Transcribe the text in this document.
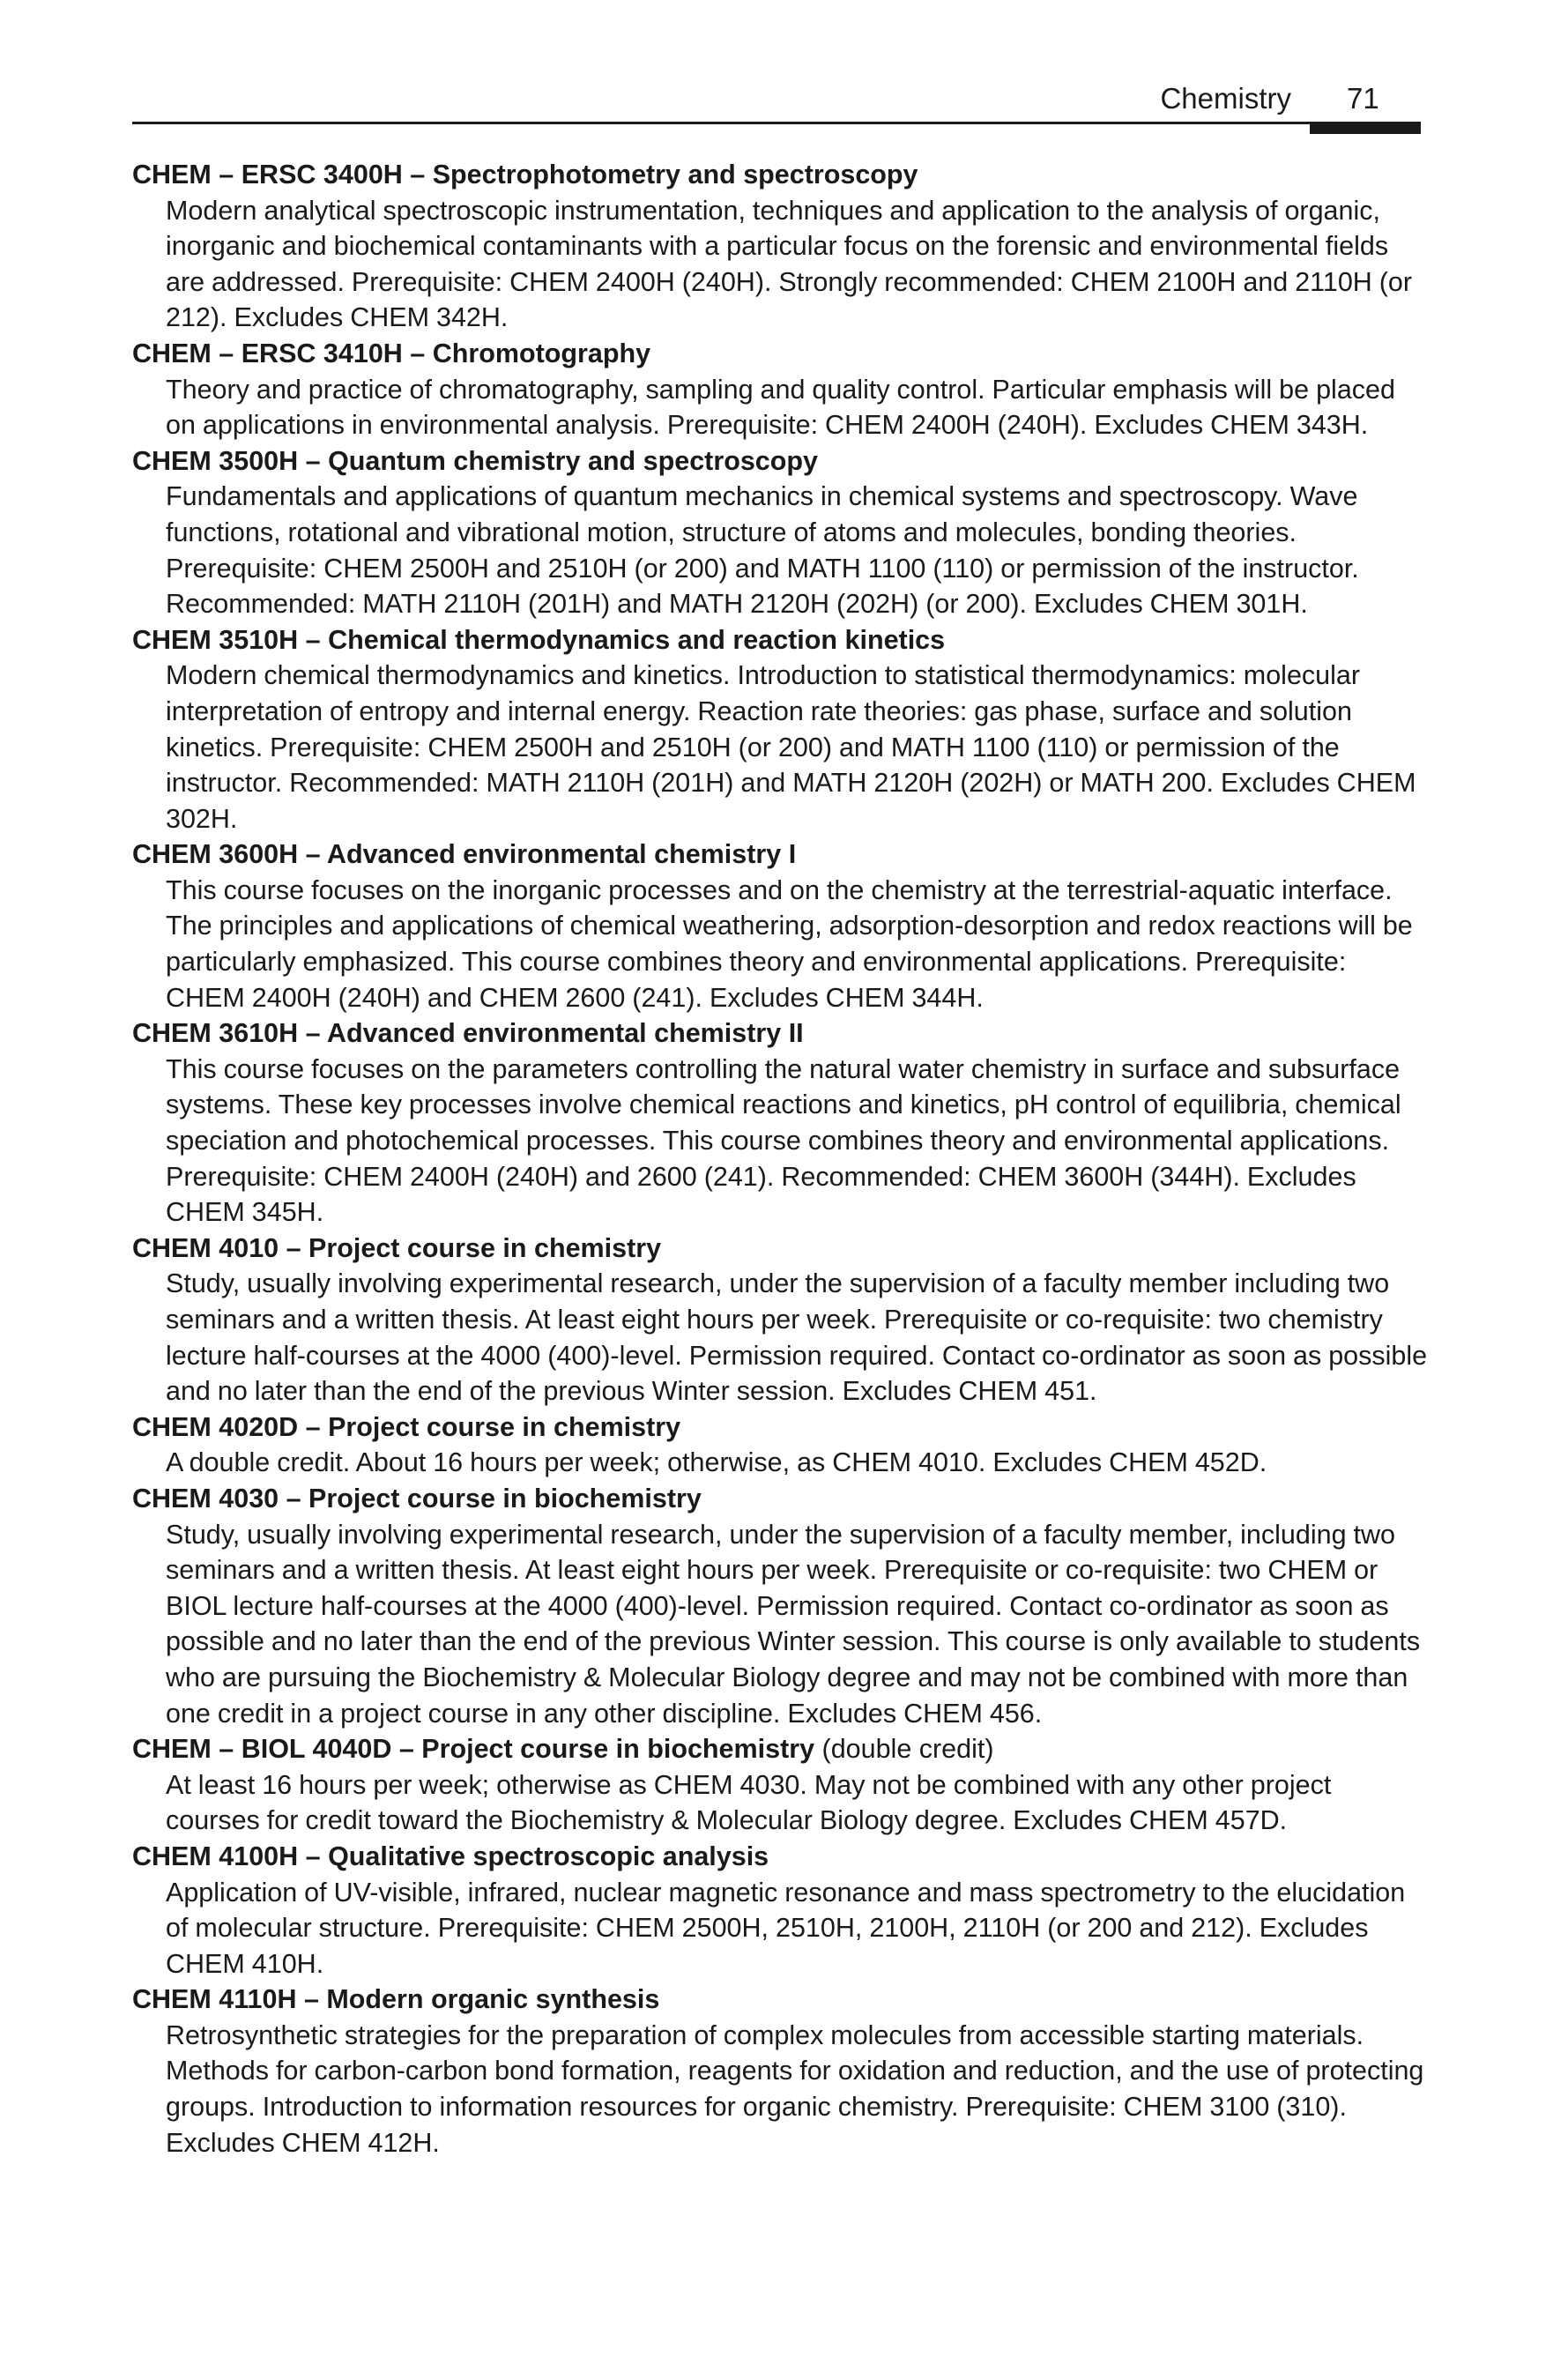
Chemistry 71
CHEM – ERSC 3400H – Spectrophotometry and spectroscopy
Modern analytical spectroscopic instrumentation, techniques and application to the analysis of organic, inorganic and biochemical contaminants with a particular focus on the forensic and environmental fields are addressed. Prerequisite: CHEM 2400H (240H). Strongly recommended: CHEM 2100H and 2110H (or 212). Excludes CHEM 342H.
CHEM – ERSC 3410H – Chromotography
Theory and practice of chromatography, sampling and quality control. Particular emphasis will be placed on applications in environmental analysis. Prerequisite: CHEM 2400H (240H). Excludes CHEM 343H.
CHEM 3500H – Quantum chemistry and spectroscopy
Fundamentals and applications of quantum mechanics in chemical systems and spectroscopy. Wave functions, rotational and vibrational motion, structure of atoms and molecules, bonding theories. Prerequisite: CHEM 2500H and 2510H (or 200) and MATH 1100 (110) or permission of the instructor. Recommended: MATH 2110H (201H) and MATH 2120H (202H) (or 200). Excludes CHEM 301H.
CHEM 3510H – Chemical thermodynamics and reaction kinetics
Modern chemical thermodynamics and kinetics. Introduction to statistical thermodynamics: molecular interpretation of entropy and internal energy. Reaction rate theories: gas phase, surface and solution kinetics. Prerequisite: CHEM 2500H and 2510H (or 200) and MATH 1100 (110) or permission of the instructor. Recommended: MATH 2110H (201H) and MATH 2120H (202H) or MATH 200. Excludes CHEM 302H.
CHEM 3600H – Advanced environmental chemistry I
This course focuses on the inorganic processes and on the chemistry at the terrestrial-aquatic interface. The principles and applications of chemical weathering, adsorption-desorption and redox reactions will be particularly emphasized. This course combines theory and environmental applications. Prerequisite: CHEM 2400H (240H) and CHEM 2600 (241). Excludes CHEM 344H.
CHEM 3610H – Advanced environmental chemistry II
This course focuses on the parameters controlling the natural water chemistry in surface and subsurface systems. These key processes involve chemical reactions and kinetics, pH control of equilibria, chemical speciation and photochemical processes. This course combines theory and environmental applications. Prerequisite: CHEM 2400H (240H) and 2600 (241). Recommended: CHEM 3600H (344H). Excludes CHEM 345H.
CHEM 4010 – Project course in chemistry
Study, usually involving experimental research, under the supervision of a faculty member including two seminars and a written thesis. At least eight hours per week. Prerequisite or co-requisite: two chemistry lecture half-courses at the 4000 (400)-level. Permission required. Contact co-ordinator as soon as possible and no later than the end of the previous Winter session. Excludes CHEM 451.
CHEM 4020D – Project course in chemistry
A double credit. About 16 hours per week; otherwise, as CHEM 4010. Excludes CHEM 452D.
CHEM 4030 – Project course in biochemistry
Study, usually involving experimental research, under the supervision of a faculty member, including two seminars and a written thesis. At least eight hours per week. Prerequisite or co-requisite: two CHEM or BIOL lecture half-courses at the 4000 (400)-level. Permission required. Contact co-ordinator as soon as possible and no later than the end of the previous Winter session. This course is only available to students who are pursuing the Biochemistry & Molecular Biology degree and may not be combined with more than one credit in a project course in any other discipline. Excludes CHEM 456.
CHEM – BIOL 4040D – Project course in biochemistry (double credit)
At least 16 hours per week; otherwise as CHEM 4030. May not be combined with any other project courses for credit toward the Biochemistry & Molecular Biology degree. Excludes CHEM 457D.
CHEM 4100H – Qualitative spectroscopic analysis
Application of UV-visible, infrared, nuclear magnetic resonance and mass spectrometry to the elucidation of molecular structure. Prerequisite: CHEM 2500H, 2510H, 2100H, 2110H (or 200 and 212). Excludes CHEM 410H.
CHEM 4110H – Modern organic synthesis
Retrosynthetic strategies for the preparation of complex molecules from accessible starting materials. Methods for carbon-carbon bond formation, reagents for oxidation and reduction, and the use of protecting groups. Introduction to information resources for organic chemistry. Prerequisite: CHEM 3100 (310). Excludes CHEM 412H.
